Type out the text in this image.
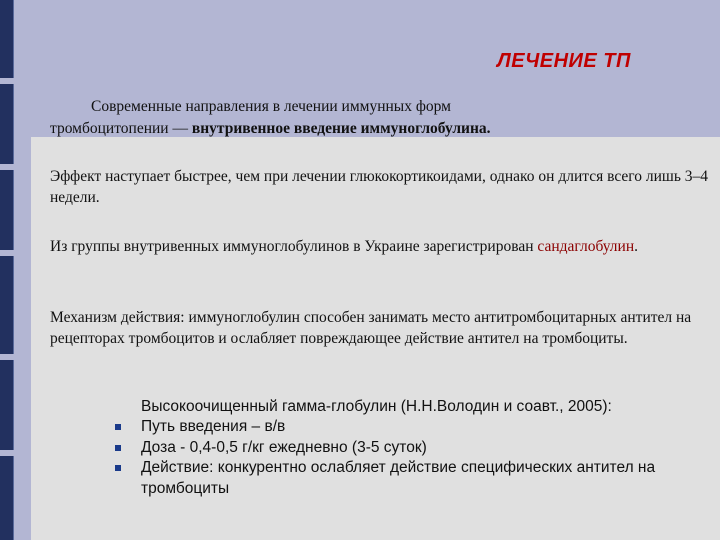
ЛЕЧЕНИЕ ТП

Современные направления в лечении иммунных форм

тромбоцитопении — внутривенное введение иммуноглобулина.

Эффект наступает быстрее, чем при лечении глюкокортикоидами, однако он длится всего лишь 3–4 недели.

Из группы внутривенных иммуноглобулинов в Украине зарегистрирован сандаглобулин.

Механизм действия: иммуноглобулин способен занимать место антитромбоцитарных антител на рецепторах тромбоцитов и ослабляет повреждающее действие антител на тромбоциты.

Высокоочищенный гамма-глобулин (Н.Н.Володин и соавт., 2005):

Путь введения – в/в
Доза - 0,4-0,5 г/кг ежедневно (3-5 суток)
Действие: конкурентно ослабляет действие специфических антител на тромбоциты
